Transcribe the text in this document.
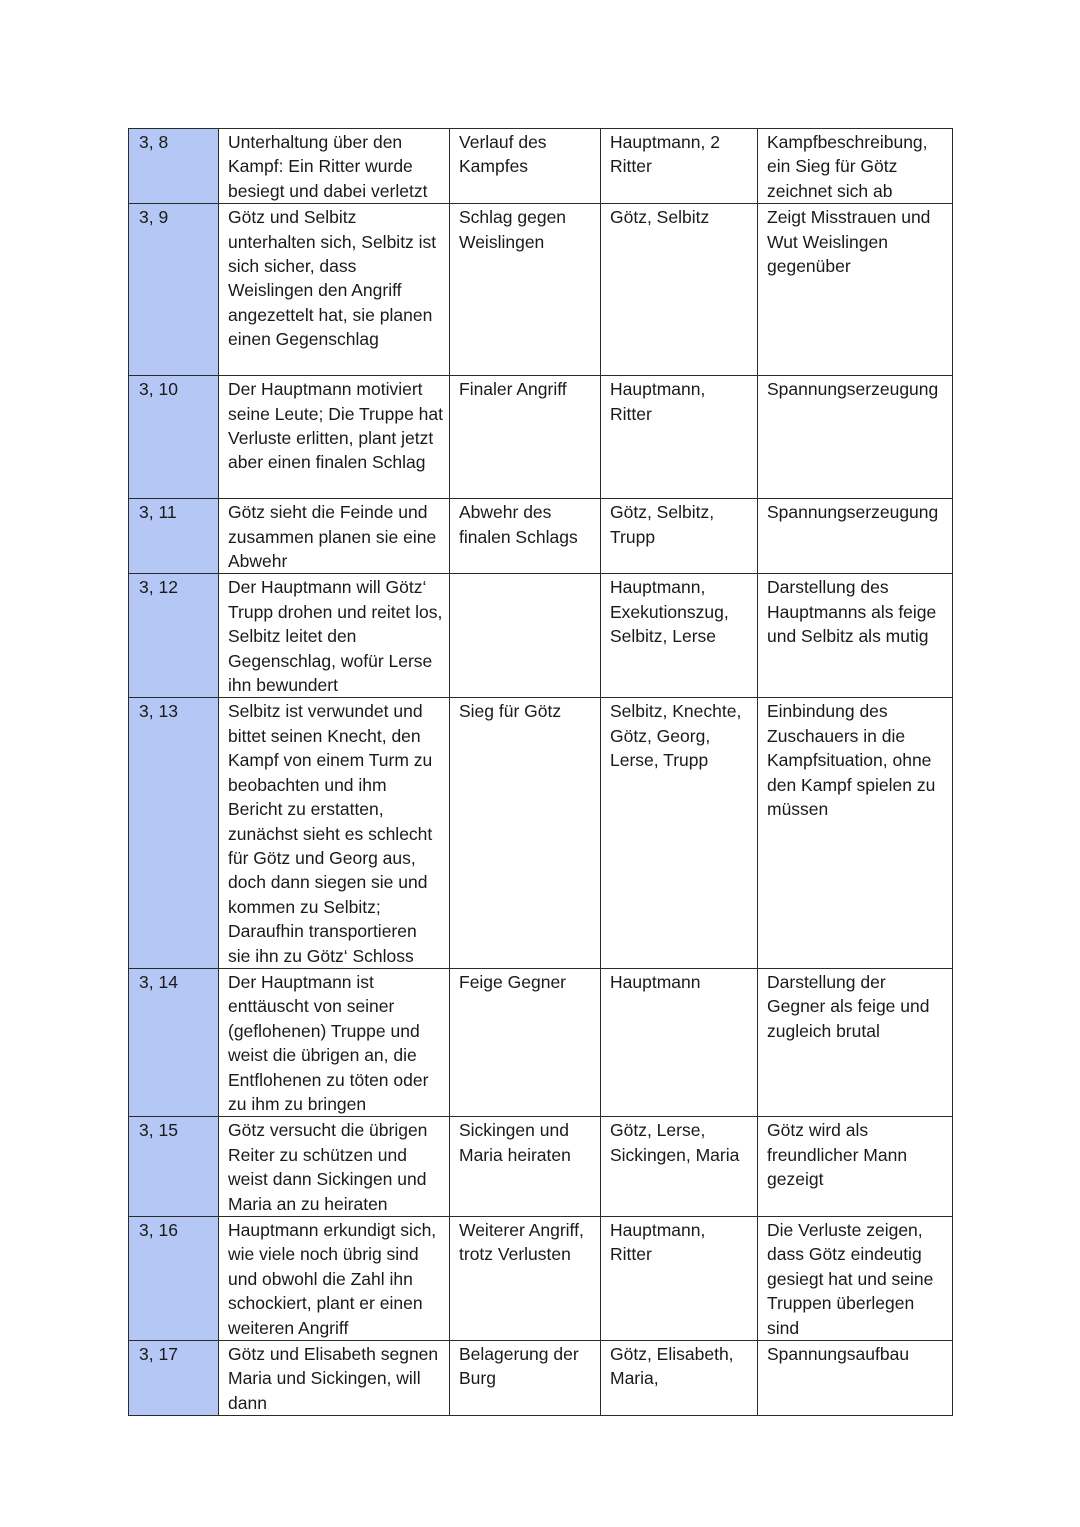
3, 8	Unterhaltung über den Kampf: Ein Ritter wurde besiegt und dabei verletzt	Verlauf des Kampfes	Hauptmann, 2 Ritter	Kampfbeschreibung, ein Sieg für Götz zeichnet sich ab
3, 9	Götz und Selbitz unterhalten sich, Selbitz ist sich sicher, dass Weislingen den Angriff angezettelt hat, sie planen einen Gegenschlag	Schlag gegen Weislingen	Götz, Selbitz	Zeigt Misstrauen und Wut Weislingen gegenüber
3, 10	Der Hauptmann motiviert seine Leute; Die Truppe hat Verluste erlitten, plant jetzt aber einen finalen Schlag	Finaler Angriff	Hauptmann, Ritter	Spannungserzeugung
3, 11	Götz sieht die Feinde und zusammen planen sie eine Abwehr	Abwehr des finalen Schlags	Götz, Selbitz, Trupp	Spannungserzeugung
3, 12	Der Hauptmann will Götz‘ Trupp drohen und reitet los, Selbitz leitet den Gegenschlag, wofür Lerse ihn bewundert		Hauptmann, Exekutionszug, Selbitz, Lerse	Darstellung des Hauptmanns als feige und Selbitz als mutig
3, 13	Selbitz ist verwundet und bittet seinen Knecht, den Kampf von einem Turm zu beobachten und ihm Bericht zu erstatten, zunächst sieht es schlecht für Götz und Georg aus, doch dann siegen sie und kommen zu Selbitz; Daraufhin transportieren sie ihn zu Götz‘ Schloss	Sieg für Götz	Selbitz, Knechte, Götz, Georg, Lerse, Trupp	Einbindung des Zuschauers in die Kampfsituation, ohne den Kampf spielen zu müssen
3, 14	Der Hauptmann ist enttäuscht von seiner (geflohenen) Truppe und weist die übrigen an, die Entflohenen zu töten oder zu ihm zu bringen	Feige Gegner	Hauptmann	Darstellung der Gegner als feige und zugleich brutal
3, 15	Götz versucht die übrigen Reiter zu schützen und weist dann Sickingen und Maria an zu heiraten	Sickingen und Maria heiraten	Götz, Lerse, Sickingen, Maria	Götz wird als freundlicher Mann gezeigt
3, 16	Hauptmann erkundigt sich, wie viele noch übrig sind und obwohl die Zahl ihn schockiert, plant er einen weiteren Angriff	Weiterer Angriff, trotz Verlusten	Hauptmann, Ritter	Die Verluste zeigen, dass Götz eindeutig gesiegt hat und seine Truppen überlegen sind
3, 17	Götz und Elisabeth segnen Maria und Sickingen, will dann	Belagerung der Burg	Götz, Elisabeth, Maria,	Spannungsaufbau
